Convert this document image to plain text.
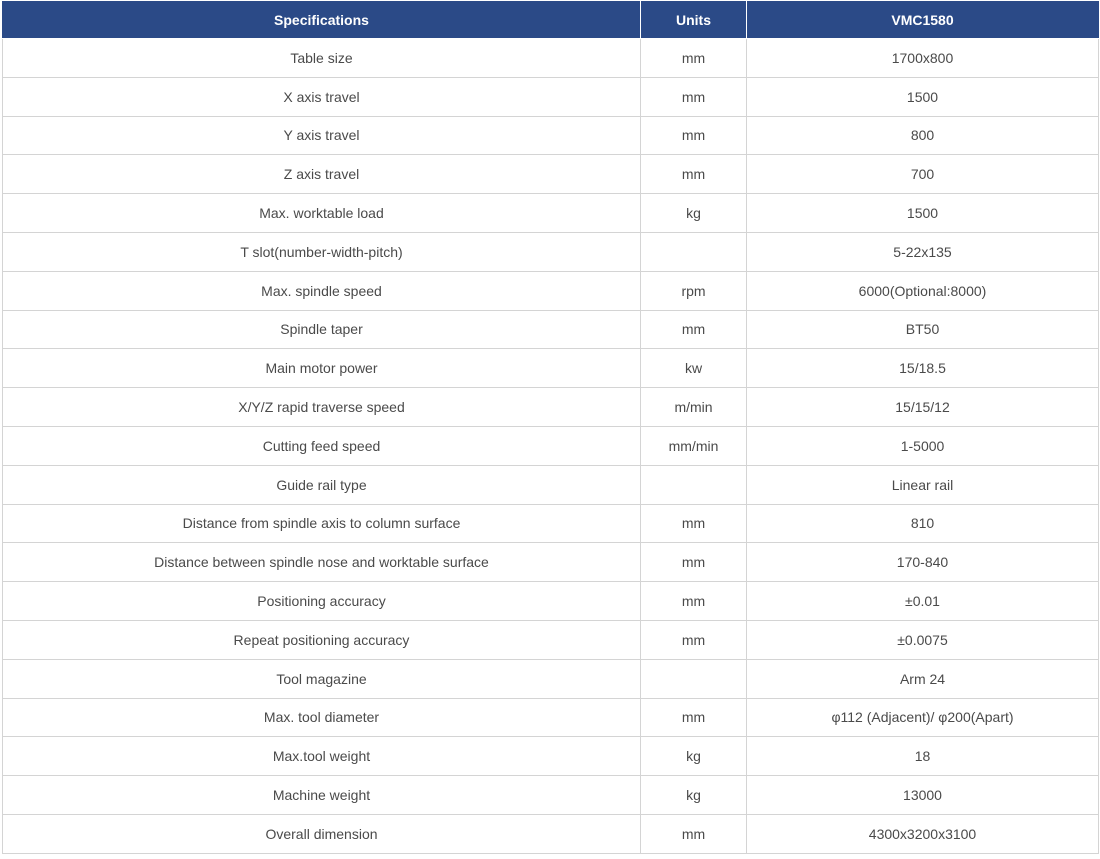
Specifications	Units	VMC1580
Table size	mm	1700x800
X axis travel	mm	1500
Y axis travel	mm	800
Z axis travel	mm	700
Max. worktable load	kg	1500
T slot(number-width-pitch)		5-22x135
Max. spindle speed	rpm	6000(Optional:8000)
Spindle taper	mm	BT50
Main motor power	kw	15/18.5
X/Y/Z rapid traverse speed	m/min	15/15/12
Cutting feed speed	mm/min	1-5000
Guide rail type		Linear rail
Distance from spindle axis to column surface	mm	810
Distance between spindle nose and worktable surface	mm	170-840
Positioning accuracy	mm	±0.01
Repeat positioning accuracy	mm	±0.0075
Tool magazine		Arm 24
Max. tool diameter	mm	φ112 (Adjacent)/ φ200(Apart)
Max.tool weight	kg	18
Machine weight	kg	13000
Overall dimension	mm	4300x3200x3100
